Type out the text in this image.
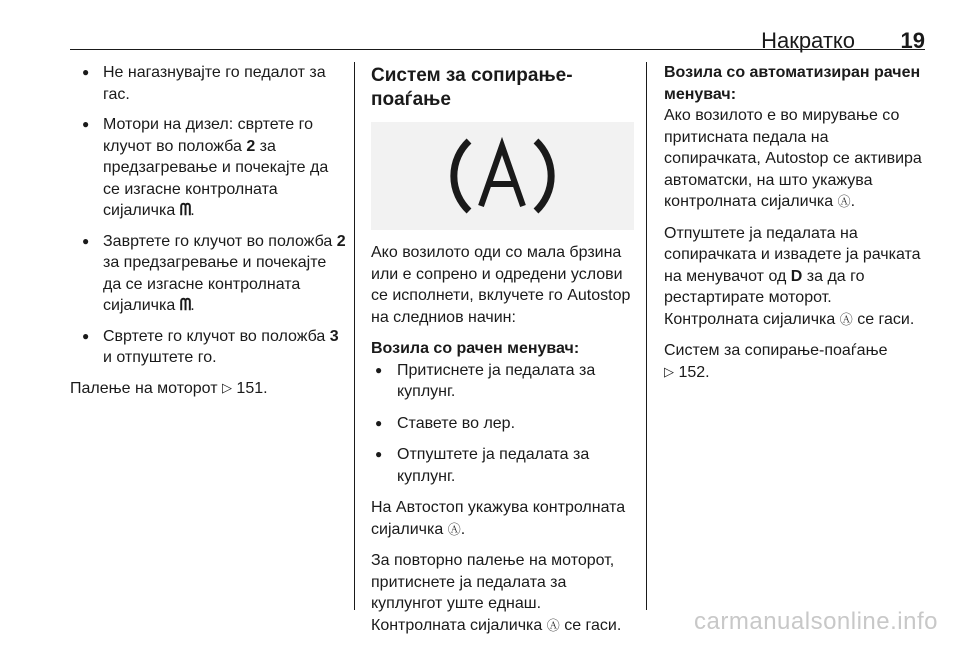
Накратко 19
● Не нагазнувајте го педалот за гас.
● Мотори на дизел: свртете го клучот во положба 2 за предзагревање и почекајте да се изгасне контролната сијаличка ᗰ.
● Завртете го клучот во положба 2 за предзагревање и почекајте да се изгасне контролната сијаличка ᗰ.
● Свртете го клучот во положба 3 и отпуштете го.

Палење на моторот ▷ 151.

Систем за сопирање-поаѓање

Ако возилото оди со мала брзина или е сопрено и одредени услови се исполнети, вклучете го Autostop на следниов начин:

Возила со рачен менувач:

● Притиснете ја педалата за куплунг.
● Ставете во лер.
● Отпуштете ја педалата за куплунг.

На Автостоп укажува контролната сијаличка Ⓐ.

За повторно палење на моторот, притиснете ја педалата за куплунгот уште еднаш.
Контролната сијаличка Ⓐ се гаси.

Возила со автоматизиран рачен менувач:

Ако возилото е во мирување со притисната педала на сопирачката, Autostop се активира автоматски, на што укажува контролната сијаличка Ⓐ.

Отпуштете ја педалата на сопирачката и извадете ја рачката на менувачот од D за да го рестартирате моторот.

Контролната сијаличка Ⓐ се гаси.

Систем за сопирање-поаѓање
▷ 152.

carmanualsonline.info
